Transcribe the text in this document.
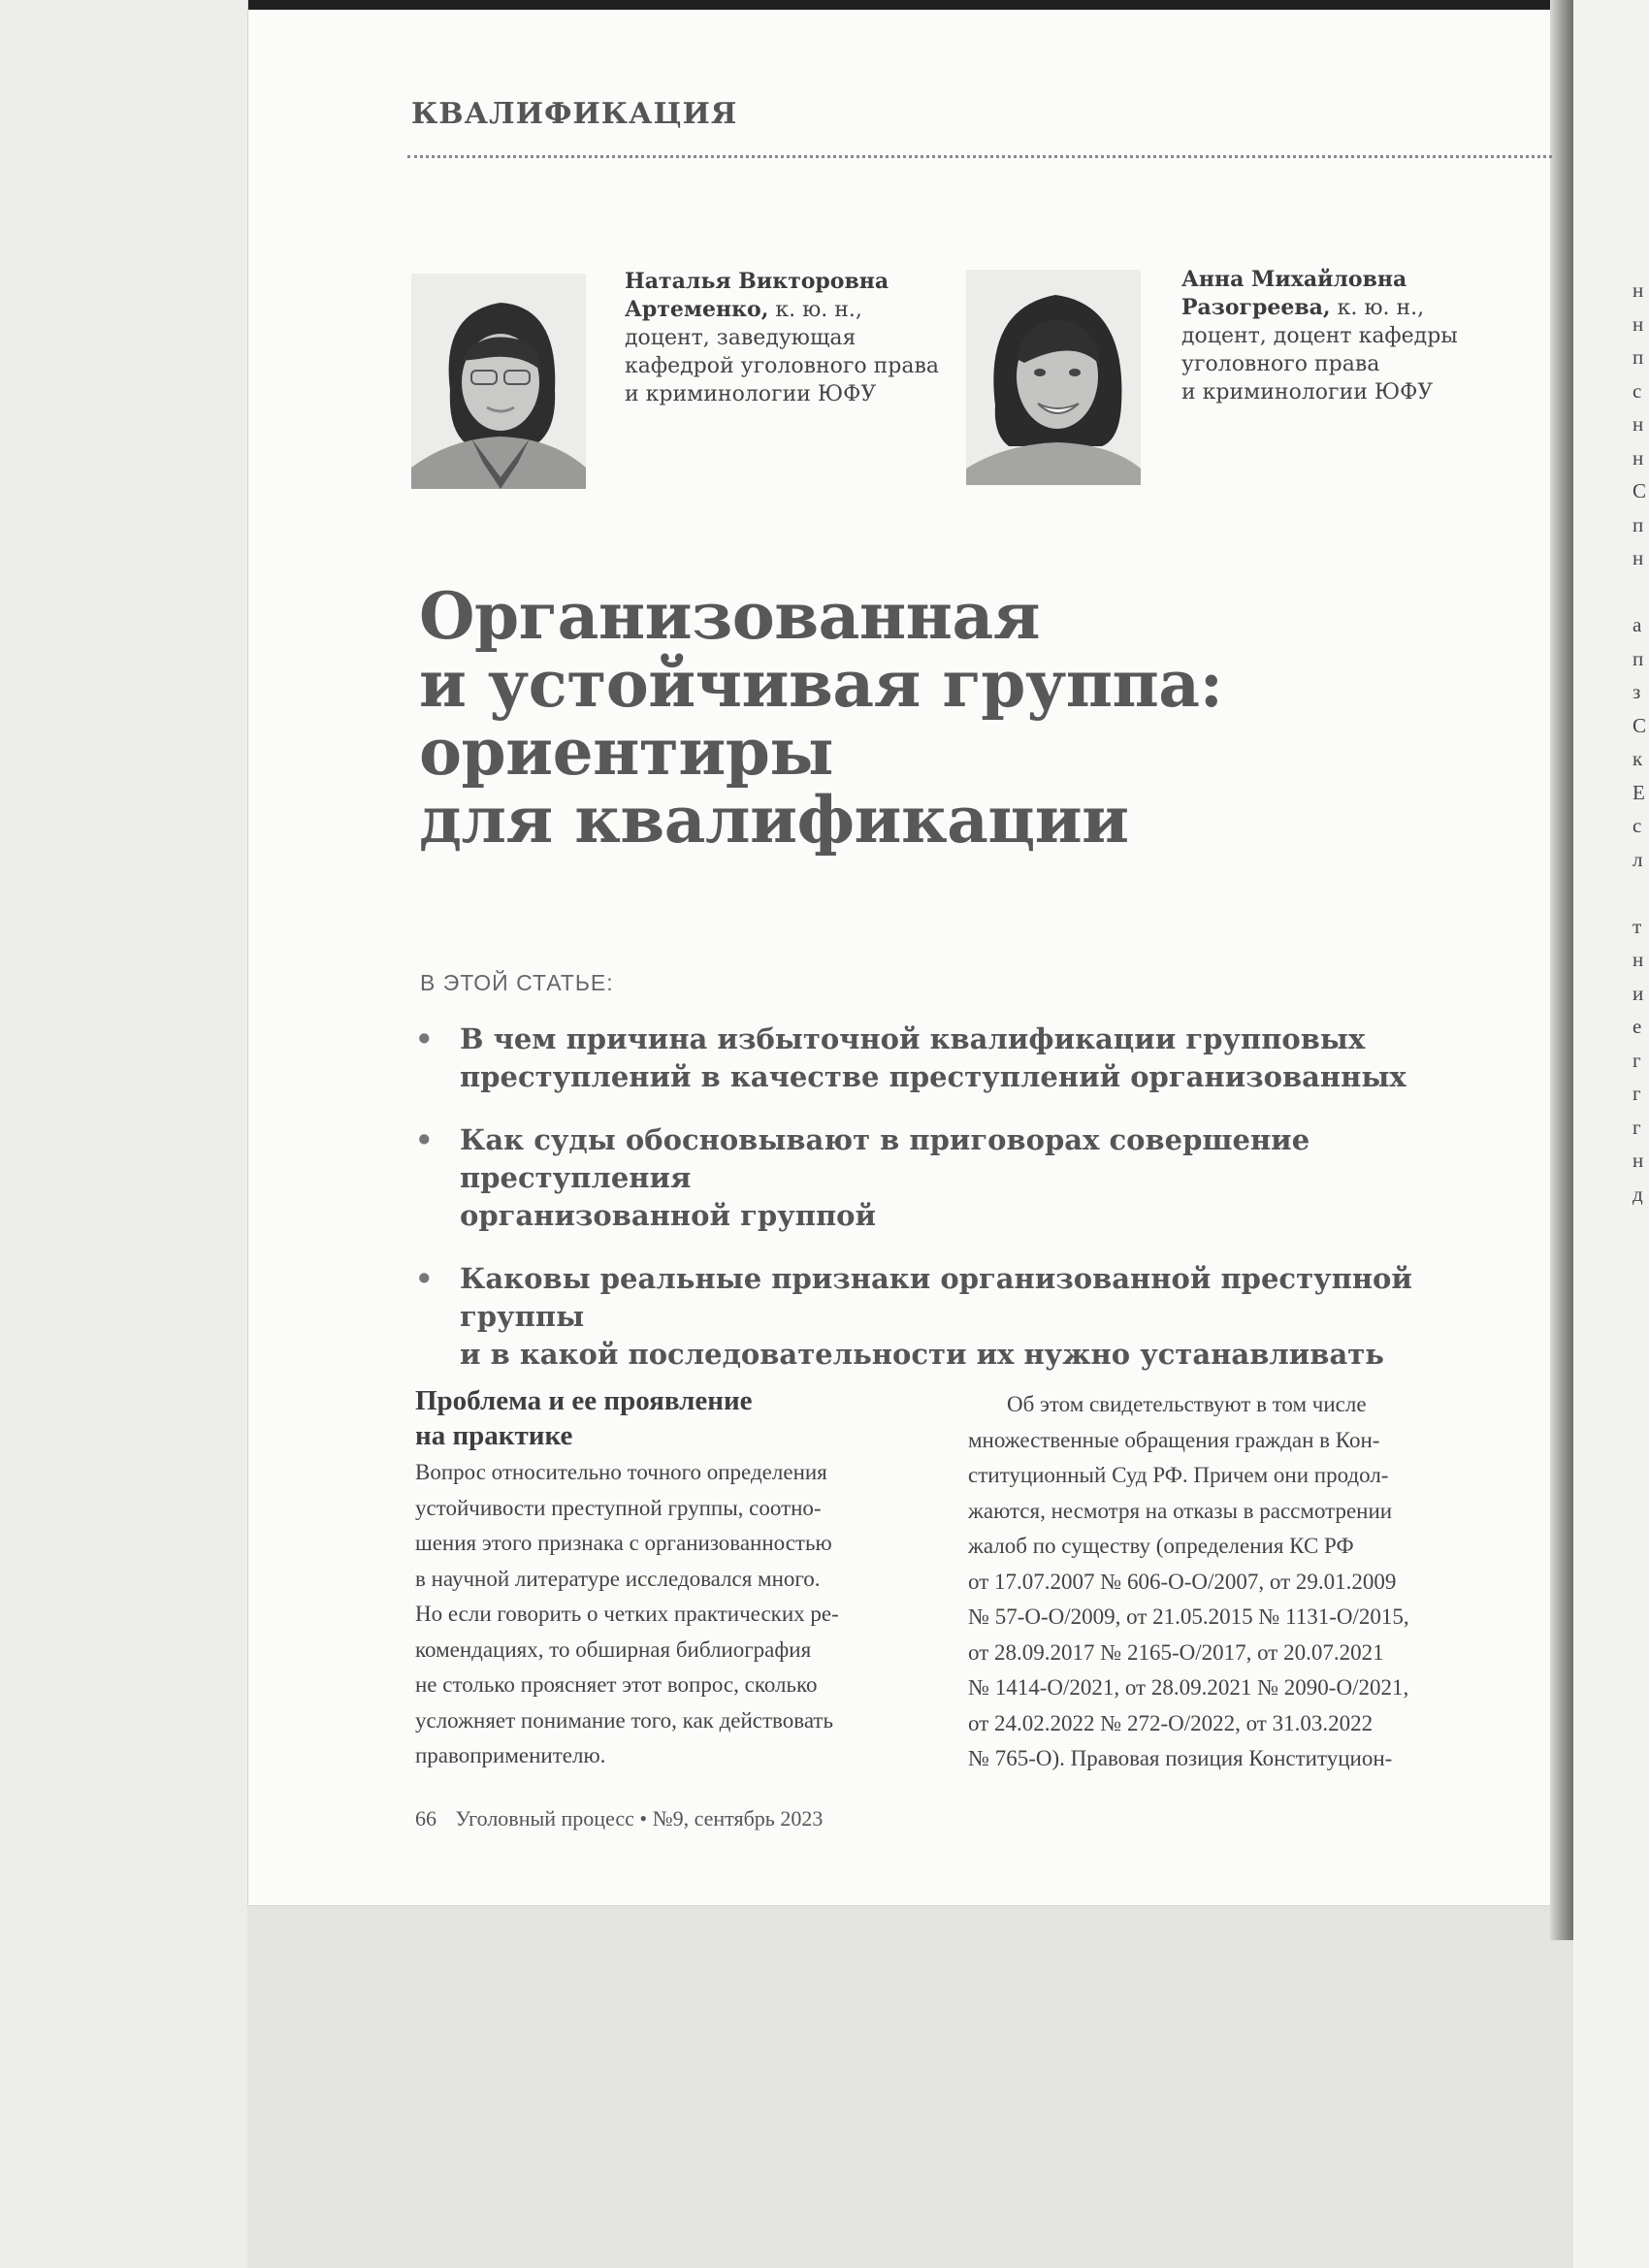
КВАЛИФИКАЦИЯ
Наталья Викторовна
Артеменко, к. ю. н.,
доцент, заведующая
кафедрой уголовного права
и криминологии ЮФУ
Анна Михайловна
Разогреева, к. ю. н.,
доцент, доцент кафедры
уголовного права
и криминологии ЮФУ
Организованная
и устойчивая группа:
ориентиры
для квалификации
В ЭТОЙ СТАТЬЕ:
• В чем причина избыточной квалификации групповых
преступлений в качестве преступлений организованных
• Как суды обосновывают в приговорах совершение преступления
организованной группой
• Каковы реальные признаки организованной преступной группы
и в какой последовательности их нужно устанавливать
Проблема и ее проявление
на практике
Вопрос относительно точного определения
устойчивости преступной группы, соотно-
шения этого признака с организованностью
в научной литературе исследовался много.
Но если говорить о четких практических ре-
комендациях, то обширная библиография
не столько проясняет этот вопрос, сколько
усложняет понимание того, как действовать
правоприменителю.
Об этом свидетельствуют в том числе
множественные обращения граждан в Кон-
ституционный Суд РФ. Причем они продол-
жаются, несмотря на отказы в рассмотрении
жалоб по существу (определения КС РФ
от 17.07.2007 № 606-О-О/2007, от 29.01.2009
№ 57-О-О/2009, от 21.05.2015 № 1131-О/2015,
от 28.09.2017 № 2165-О/2017, от 20.07.2021
№ 1414-О/2021, от 28.09.2021 № 2090-О/2021,
от 24.02.2022 № 272-О/2022, от 31.03.2022
№ 765-О). Правовая позиция Конституцион-
66 Уголовный процесс • №9, сентябрь 2023
н
н
п
с
н
н
С
п
н
а
п
з
С
к
Е
с
л
т
н
и
е
г
г
г
н
д
